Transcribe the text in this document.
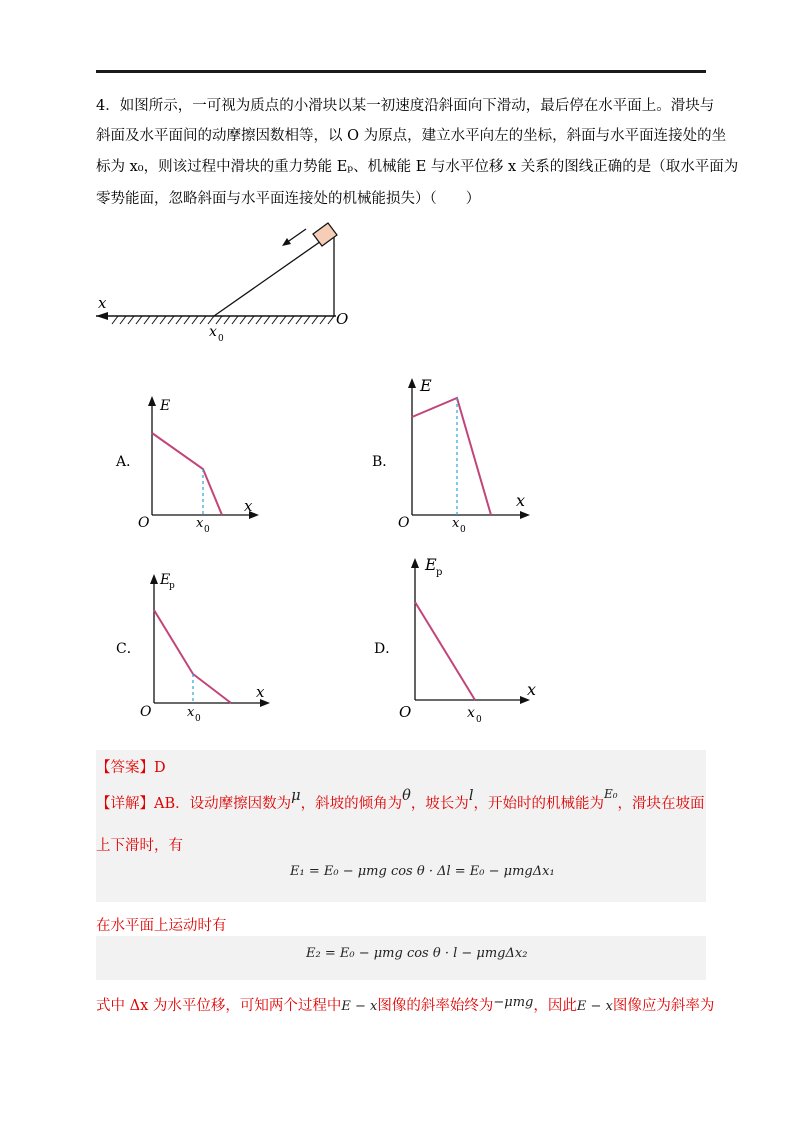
4．如图所示，一可视为质点的小滑块以某一初速度沿斜面向下滑动，最后停在水平面上。滑块与
斜面及水平面间的动摩擦因数相等，以 O 为原点，建立水平向左的坐标，斜面与水平面连接处的坐
标为 x₀，则该过程中滑块的重力势能 Eₚ、机械能 E 与水平位移 x 关系的图线正确的是（取水平面为
零势能面，忽略斜面与水平面连接处的机械能损失）（　　）
x
O
x 0
A．
E
x
O	x 0
B．
E
x
O	x 0
C．
E
p
x
O	x 0
D．
E p
x
O	x 0
【答案】D
【详解】AB．设动摩擦因数为μ，斜坡的倾角为θ，坡长为l，开始时的机械能为$^{E_0}$，滑块在坡面
上下滑时，有
E₁ = E₀ − μmg cos θ · Δl = E₀ − μmgΔx₁
在水平面上运动时有
E₂ = E₀ − μmg cos θ · l − μmgΔx₂
式中 Δx 为水平位移，可知两个过程中E − x图像的斜率始终为−μmg，因此E − x图像应为斜率为
